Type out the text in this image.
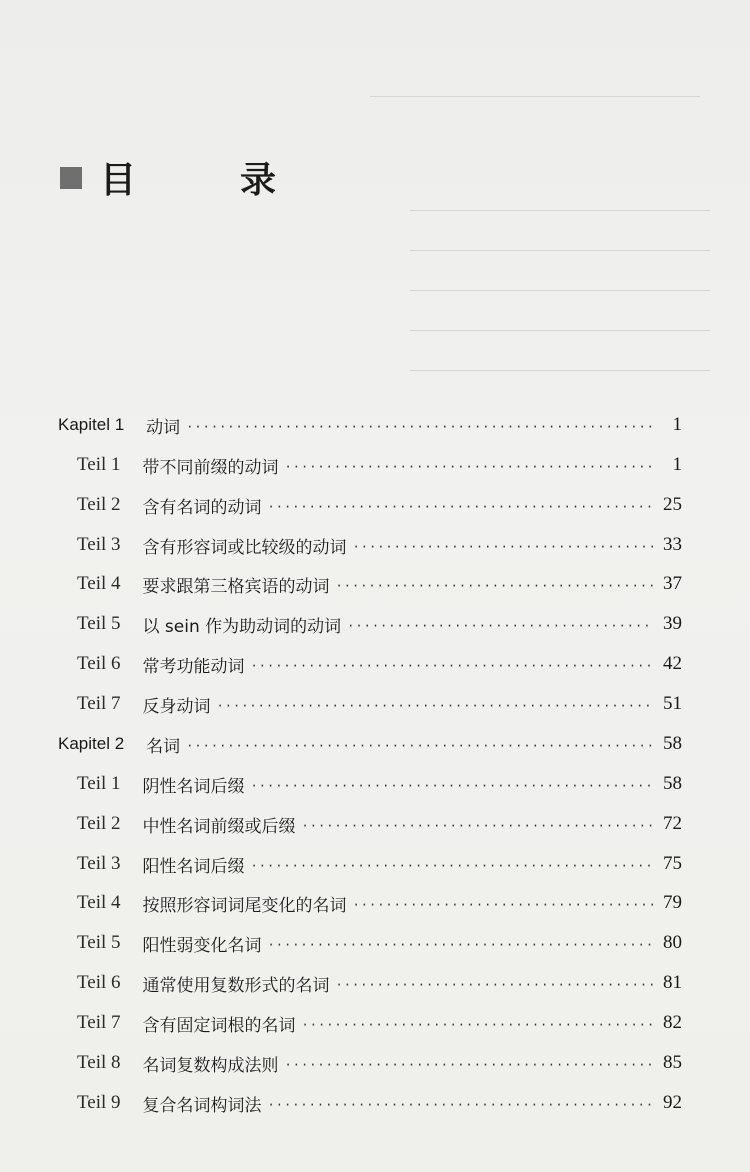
目　录
Kapitel 1 动词 ·····	1
Teil 1 带不同前缀的动词 ·····	1
Teil 2 含有名词的动词 ·····	25
Teil 3 含有形容词或比较级的动词 ·····	33
Teil 4 要求跟第三格宾语的动词 ·····	37
Teil 5 以 sein 作为助动词的动词 ·····	39
Teil 6 常考功能动词 ·····	42
Teil 7 反身动词 ·····	51
Kapitel 2 名词 ·····	58
Teil 1 阴性名词后缀 ·····	58
Teil 2 中性名词前缀或后缀 ·····	72
Teil 3 阳性名词后缀 ·····	75
Teil 4 按照形容词词尾变化的名词 ·····	79
Teil 5 阳性弱变化名词 ·····	80
Teil 6 通常使用复数形式的名词 ·····	81
Teil 7 含有固定词根的名词 ·····	82
Teil 8 名词复数构成法则 ·····	85
Teil 9 复合名词构词法 ·····	92
